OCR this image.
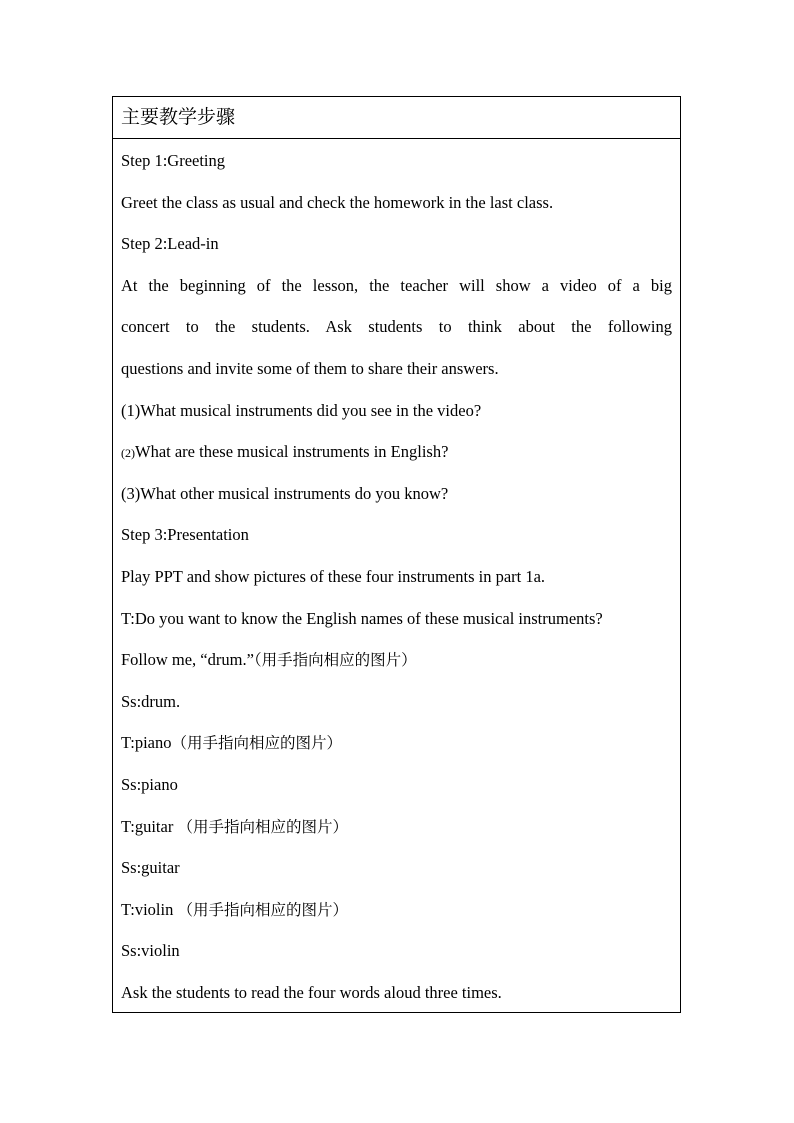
主要教学步骤
Step 1:Greeting
Greet the class as usual and check the homework in the last class.
Step 2:Lead-in
At the beginning of the lesson, the teacher will show a video of a big
concert to the students. Ask students to think about the following
questions and invite some of them to share their answers.
(1)What musical instruments did you see in the video?
(2)What are these musical instruments in English?
(3)What other musical instruments do you know?
Step 3:Presentation
Play PPT and show pictures of these four instruments in part 1a.
T:Do you want to know the English names of these musical instruments?
Follow me, “drum.”（用手指向相应的图片）
Ss:drum.
T:piano（用手指向相应的图片）
Ss:piano
T:guitar （用手指向相应的图片）
Ss:guitar
T:violin （用手指向相应的图片）
Ss:violin
Ask the students to read the four words aloud three times.
